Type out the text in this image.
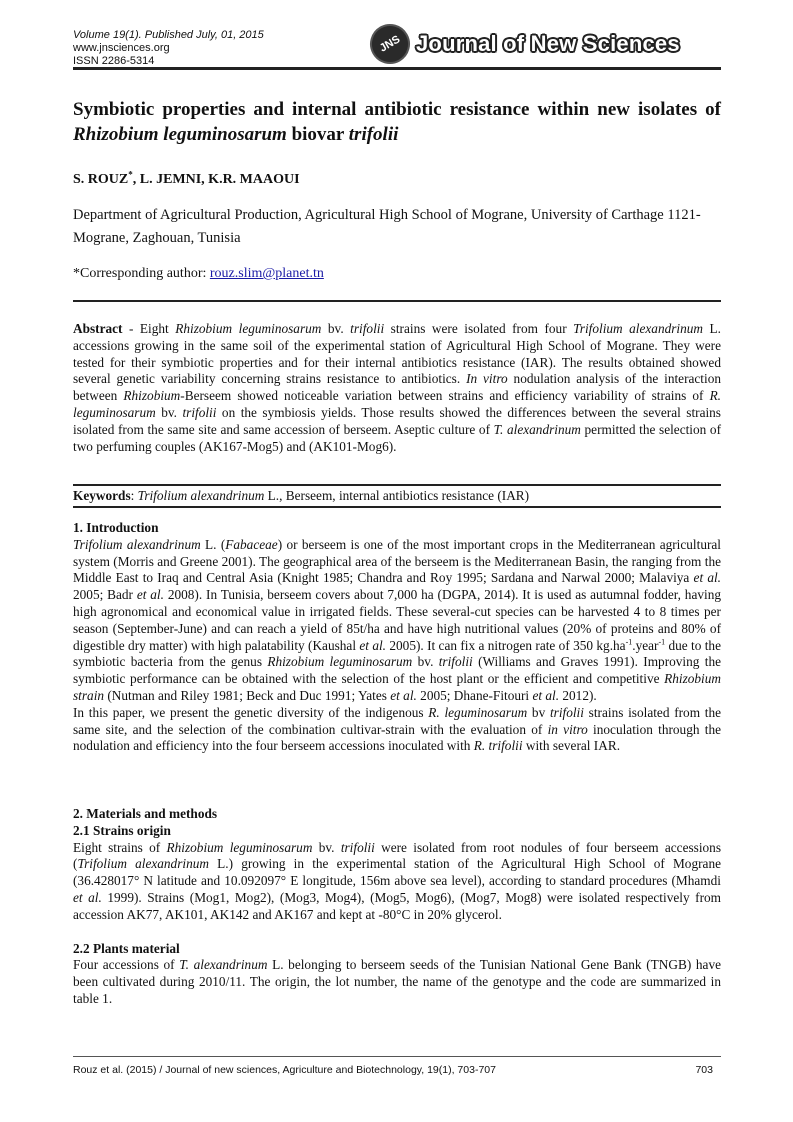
Volume 19(1). Published July, 01, 2015
www.jnsciences.org
ISSN 2286-5314
JNS Journal of New Sciences
Symbiotic properties and internal antibiotic resistance within new isolates of Rhizobium leguminosarum biovar trifolii
S. ROUZ*, L. JEMNI, K.R. MAAOUI
Department of Agricultural Production, Agricultural High School of Mograne, University of Carthage 1121- Mograne, Zaghouan, Tunisia
*Corresponding author: rouz.slim@planet.tn
Abstract - Eight Rhizobium leguminosarum bv. trifolii strains were isolated from four Trifolium alexandrinum L. accessions growing in the same soil of the experimental station of Agricultural High School of Mograne. They were tested for their symbiotic properties and for their internal antibiotics resistance (IAR). The results obtained showed several genetic variability concerning strains resistance to antibiotics. In vitro nodulation analysis of the interaction between Rhizobium-Berseem showed noticeable variation between strains and efficiency variability of strains of R. leguminosarum bv. trifolii on the symbiosis yields. Those results showed the differences between the several strains isolated from the same site and same accession of berseem. Aseptic culture of T. alexandrinum permitted the selection of two perfuming couples (AK167-Mog5) and (AK101-Mog6).
Keywords: Trifolium alexandrinum L., Berseem, internal antibiotics resistance (IAR)

1. Introduction

Trifolium alexandrinum L. (Fabaceae) or berseem is one of the most important crops in the Mediterranean agricultural system (Morris and Greene 2001). The geographical area of the berseem is the Mediterranean Basin, the ranging from the Middle East to Iraq and Central Asia (Knight 1985; Chandra and Roy 1995; Sardana and Narwal 2000; Malaviya et al. 2005; Badr et al. 2008). In Tunisia, berseem covers about 7,000 ha (DGPA, 2014). It is used as autumnal fodder, having high agronomical and economical value in irrigated fields. These several-cut species can be harvested 4 to 8 times per season (September-June) and can reach a yield of 85t/ha and have high nutritional values (20% of proteins and 80% of digestible dry matter) with high palatability (Kaushal et al. 2005). It can fix a nitrogen rate of 350 $kg.ha^{-1}.year^{-1}$ due to the symbiotic bacteria from the genus Rhizobium leguminosarum bv. trifolii (Williams and Graves 1991). Improving the symbiotic performance can be obtained with the selection of the host plant or the efficient and competitive Rhizobium strain (Nutman and Riley 1981; Beck and Duc 1991; Yates et al. 2005; Dhane-Fitouri et al. 2012).

In this paper, we present the genetic diversity of the indigenous R. leguminosarum bv trifolii strains isolated from the same site, and the selection of the combination cultivar-strain with the evaluation of in vitro inoculation through the nodulation and efficiency into the four berseem accessions inoculated with R. trifolii with several IAR.

2. Materials and methods

2.1 Strains origin

Eight strains of Rhizobium leguminosarum bv. trifolii were isolated from root nodules of four berseem accessions (Trifolium alexandrinum L.) growing in the experimental station of the Agricultural High School of Mograne (36.428017° N latitude and 10.092097° E longitude, 156m above sea level), according to standard procedures (Mhamdi et al. 1999). Strains (Mog1, Mog2), (Mog3, Mog4), (Mog5, Mog6), (Mog7, Mog8) were isolated respectively from accession AK77, AK101, AK142 and AK167 and kept at -80°C in 20% glycerol.

2.2 Plants material

Four accessions of T. alexandrinum L. belonging to berseem seeds of the Tunisian National Gene Bank (TNGB) have been cultivated during 2010/11. The origin, the lot number, the name of the genotype and the code are summarized in table 1.

Rouz et al. (2015) / Journal of new sciences, Agriculture and Biotechnology, 19(1), 703-707	703
